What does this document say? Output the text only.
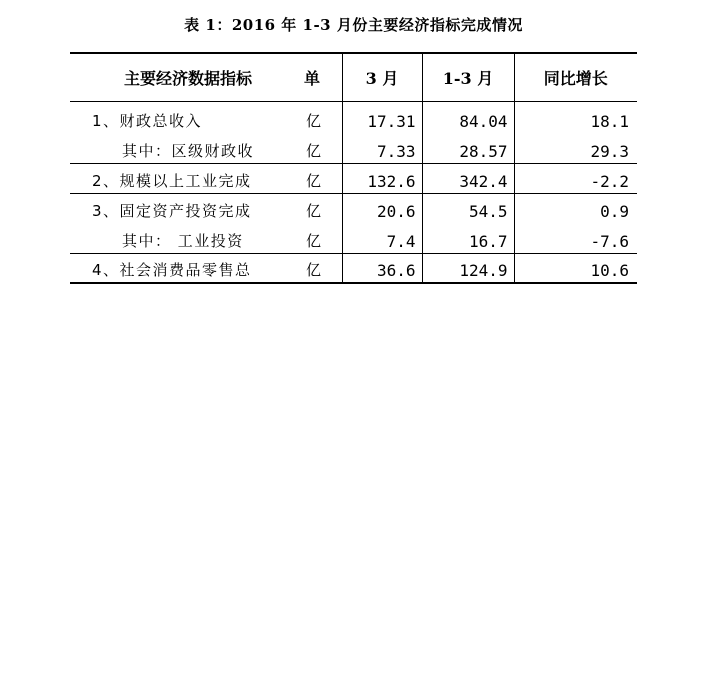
表 1：2016 年 1-3 月份主要经济指标完成情况
主要经济数据指标	单	3 月	1-3 月	同比增长
1、财政总收入	亿	17.31	84.04	18.1
其中：区级财政收	亿	7.33	28.57	29.3
2、规模以上工业完成	亿	132.6	342.4	-2.2
3、固定资产投资完成	亿	20.6	54.5	0.9
其中： 工业投资	亿	7.4	16.7	-7.6
4、社会消费品零售总	亿	36.6	124.9	10.6
